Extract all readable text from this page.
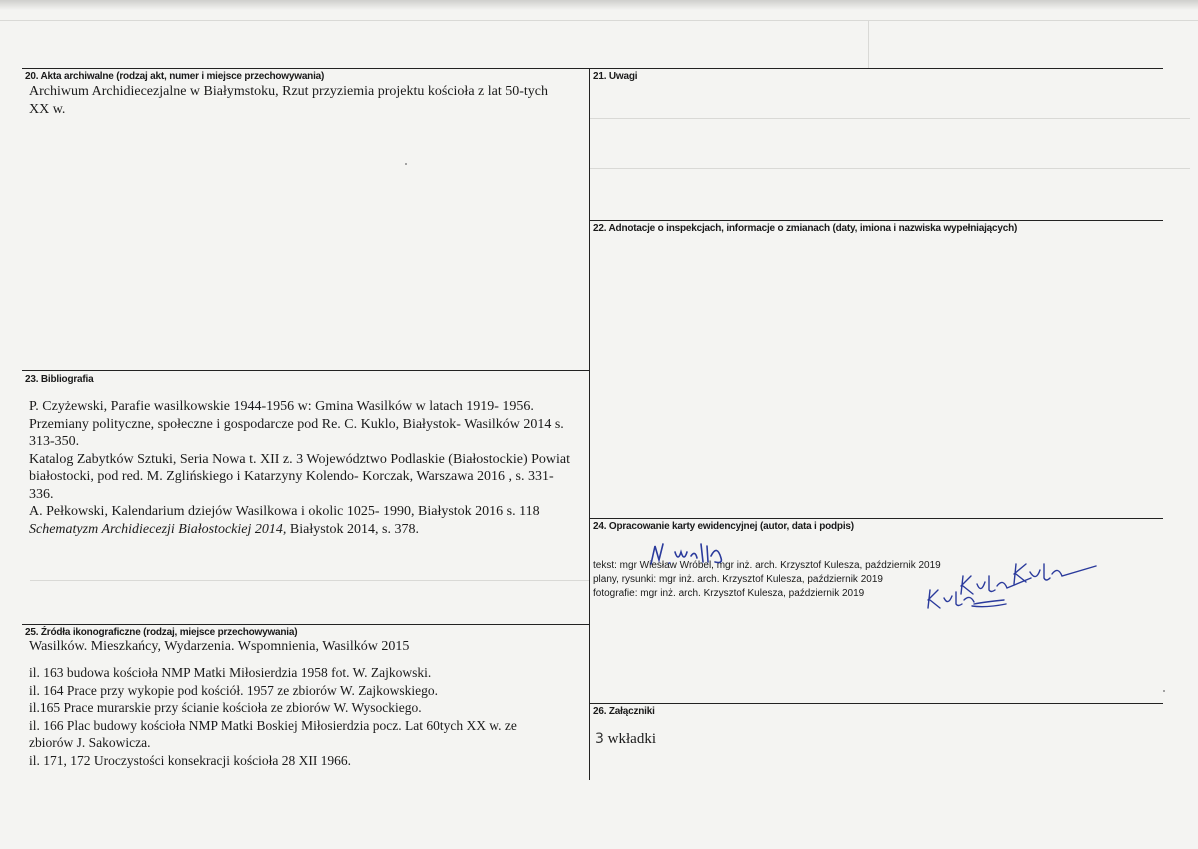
20. Akta archiwalne (rodzaj akt, numer i miejsce przechowywania)
Archiwum Archidiecezjalne w Białymstoku, Rzut przyziemia projektu kościoła z lat 50-tych
XX w.
21. Uwagi
22. Adnotacje o inspekcjach, informacje o zmianach (daty, imiona i nazwiska wypełniających)
23. Bibliografia
P. Czyżewski, Parafie wasilkowskie 1944-1956 w: Gmina Wasilków w latach 1919- 1956.
Przemiany polityczne, społeczne i gospodarcze pod Re. C. Kuklo, Białystok- Wasilków 2014 s.
313-350.
Katalog Zabytków Sztuki, Seria Nowa t. XII z. 3 Województwo Podlaskie (Białostockie) Powiat
białostocki, pod red. M. Zglińskiego i Katarzyny Kolendo- Korczak, Warszawa 2016 , s. 331-
336.
A. Pełkowski, Kalendarium dziejów Wasilkowa i okolic 1025- 1990, Białystok 2016 s. 118
Schematyzm Archidiecezji Białostockiej 2014, Białystok 2014, s. 378.	24. Opracowanie karty ewidencyjnej (autor, data i podpis)
tekst: mgr Wiesław Wróbel, mgr inż. arch. Krzysztof Kulesza, październik 2019
plany, rysunki: mgr inż. arch. Krzysztof Kulesza, październik 2019
fotografie: mgr inż. arch. Krzysztof Kulesza, październik 2019
25. Źródła ikonograficzne (rodzaj, miejsce przechowywania)
Wasilków. Mieszkańcy, Wydarzenia. Wspomnienia, Wasilków 2015
il. 163 budowa kościoła NMP Matki Miłosierdzia 1958 fot. W. Zajkowski.
il. 164 Prace przy wykopie pod kościół. 1957 ze zbiorów W. Zajkowskiego.
il.165 Prace murarskie przy ścianie kościoła ze zbiorów W. Wysockiego.
il. 166 Plac budowy kościoła NMP Matki Boskiej Miłosierdzia pocz. Lat 60tych XX w. ze
zbiorów J. Sakowicza.
il. 171, 172 Uroczystości konsekracji kościoła 28 XII 1966.
26. Załączniki
3 wkładki
